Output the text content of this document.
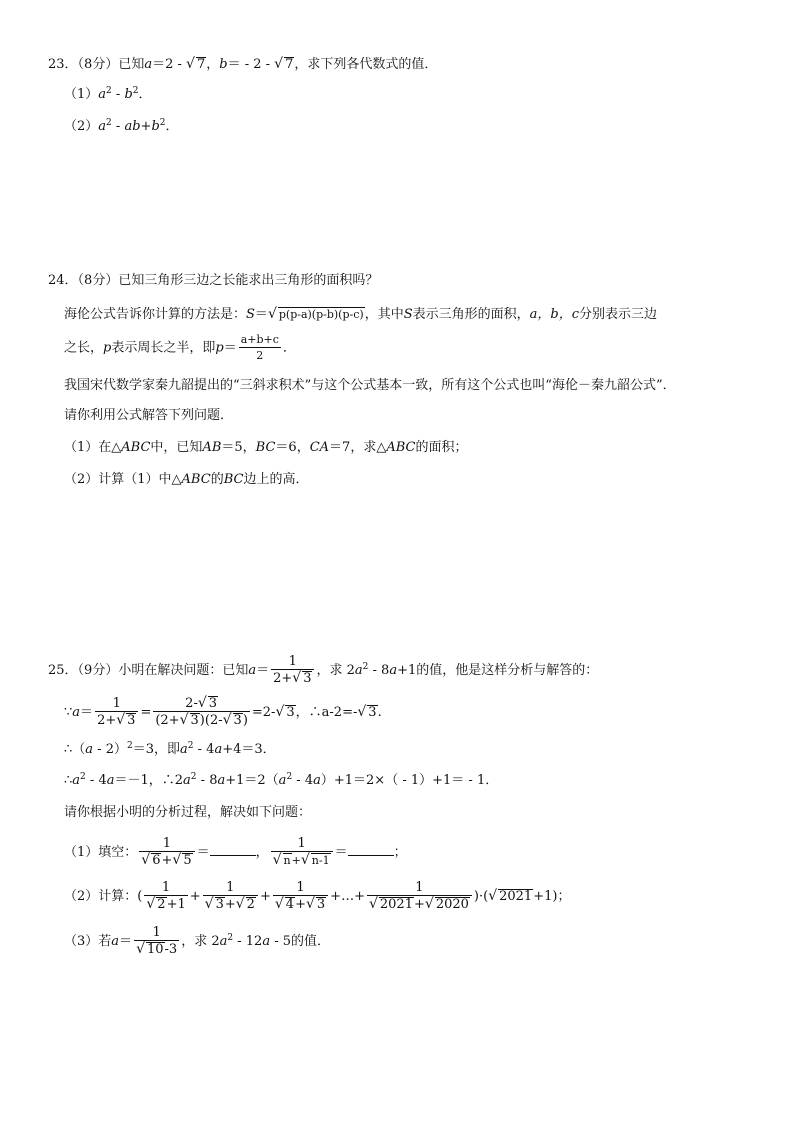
23．（8分）已知a＝2 - √ 7，b＝ - 2 - √ 7，求下列各代数式的值．
$(1)a^2 - b^2$．
$(2)a^2 - ab+b^2$．
24．（8分）已知三角形三边之长能求出三角形的面积吗？
海伦公式告诉你计算的方法是：S＝√ p(p-a)(p-b)(p-c)，其中S表示三角形的面积，a，b，c分别表示三边
之长，p表示周长之半，即$p= \frac{a+b+c}{2}$ ．
我国宋代数学家秦九韶提出的“三斜求积术”与这个公式基本一致，所有这个公式也叫“海伦－秦九韶公式”．
请你利用公式解答下列问题．
（1）在△ABC中，已知AB＝5，BC＝6，CA＝7，求△ABC的面积；
（2）计算（1）中△ABC的BC边上的高．
25．（9分）小明在解决问题：已知$a= \frac{1}{2+√ 3}$ ，求 $2a^2 - 8a+1$的值，他是这样分析与解答的：
∵a＝ $\frac{1}{2+√ 3} = \frac{2-√ 3}{(2+√ 3)(2-√ 3)} =2-√$ 3，∴a-2=-√ 3.
∴（a - 2）$^2$＝3，即$a^2 - 4a+4=3$．
$\therefore a^2 - 4a=-1$，$\therefore 2a^2 - 8a+1=2(a^2 - 4a)+1=2\times( - 1)+1= - 1$．
请你根据小明的分析过程，解决如下问题：
（1）填空： $\frac{1}{√ 6+√ 5}$ ＝	， $\frac{1}{√ n+√ n-1}$ ＝	；
（2）计算：( $\frac{1}{√ 2+1} + \frac{1}{√ 3+√ 2} + \frac{1}{√ 4+√ 3}$ +…+ $\frac{1}{√ 2021+√ 2020}$ )·(√ 2021+1)；
（3）若$a= \frac{1}{√ 10-3}$ ，求 $2a^2 - 12a - 5$的值．
